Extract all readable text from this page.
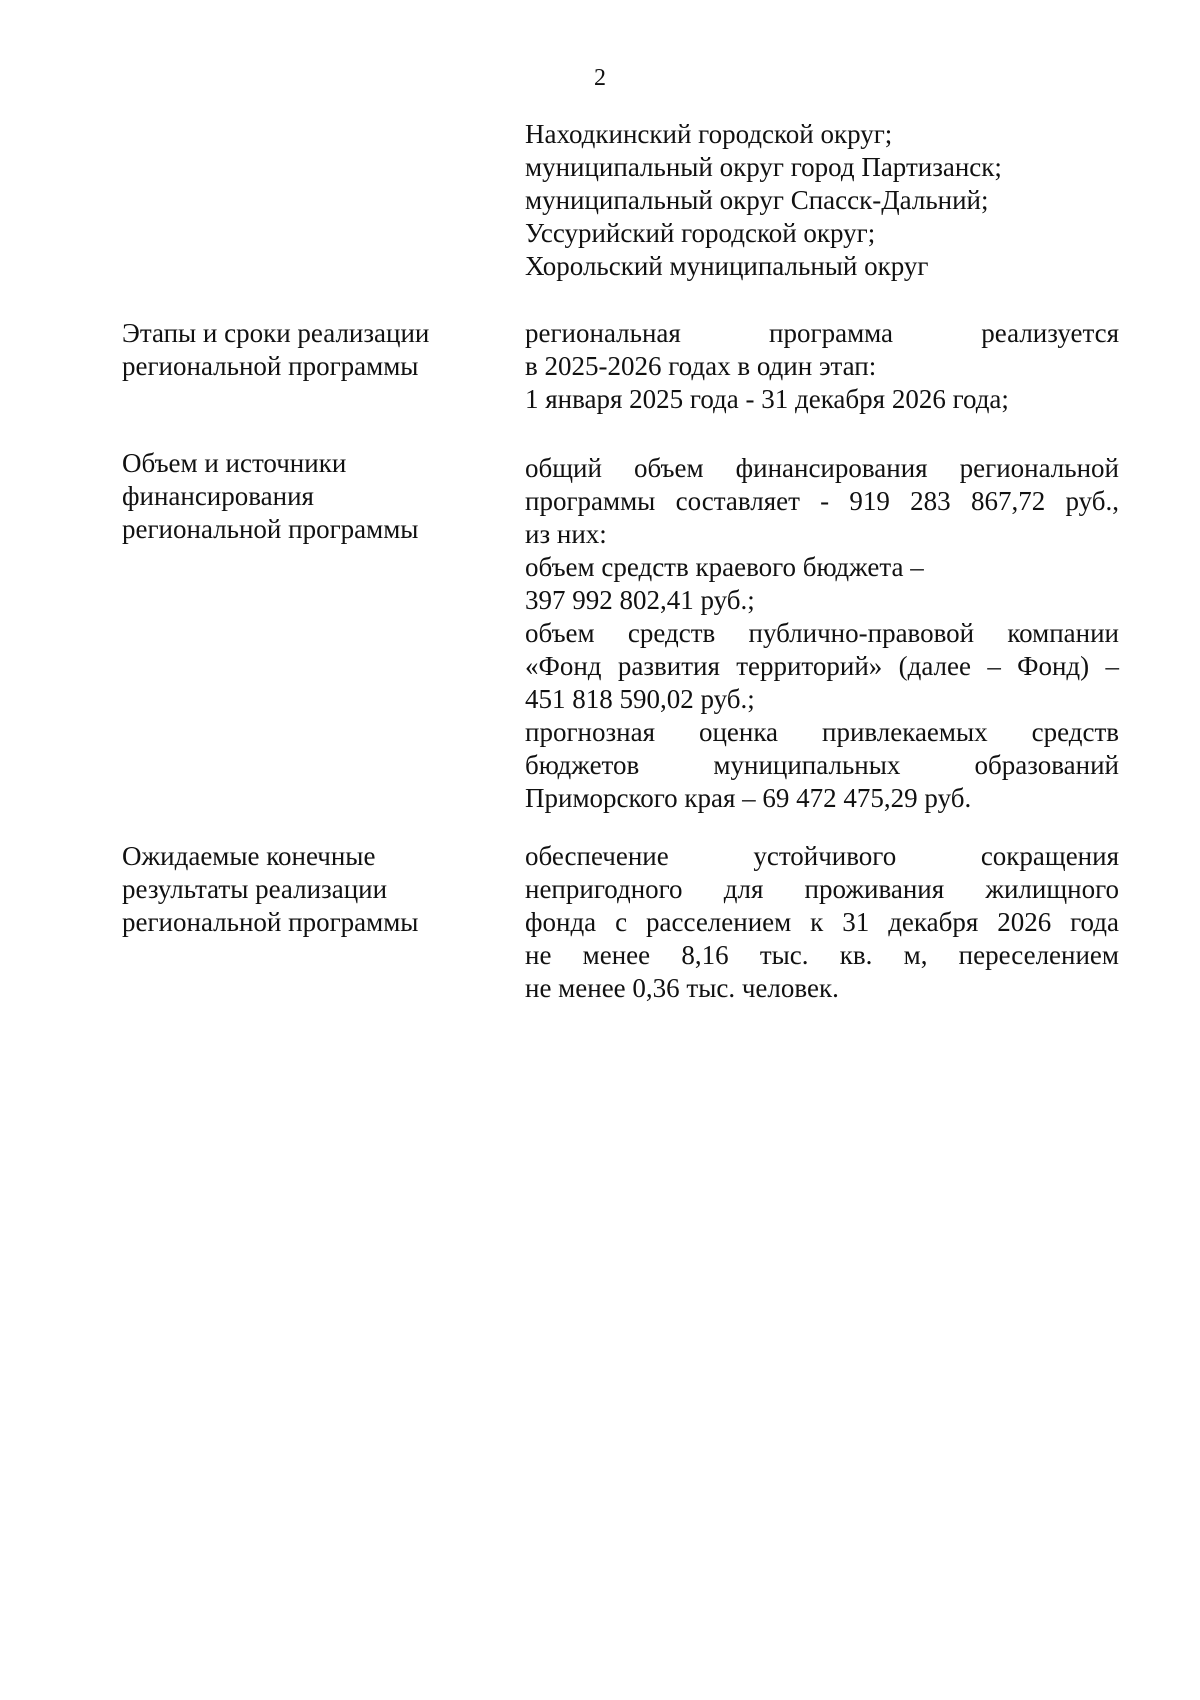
2
Находкинский городской округ;
муниципальный округ город Партизанск;
муниципальный округ Спасск-Дальний;
Уссурийский городской округ;
Хорольский муниципальный округ
Этапы и сроки реализации
региональной программы
региональная программа реализуется
в 2025-2026 годах в один этап:
1 января 2025 года - 31 декабря 2026 года;
Объем и источники
финансирования
региональной программы
общий объем финансирования региональной
программы составляет - 919 283 867,72 руб.,
из них:
объем средств краевого бюджета –
397 992 802,41 руб.;
объем средств публично-правовой компании
«Фонд развития территорий» (далее – Фонд) –
451 818 590,02 руб.;
прогнозная оценка привлекаемых средств
бюджетов муниципальных образований
Приморского края – 69 472 475,29 руб.
Ожидаемые конечные
результаты реализации
региональной программы
обеспечение устойчивого сокращения
непригодного для проживания жилищного
фонда с расселением к 31 декабря 2026 года
не менее 8,16 тыс. кв. м, переселением
не менее 0,36 тыс. человек.
